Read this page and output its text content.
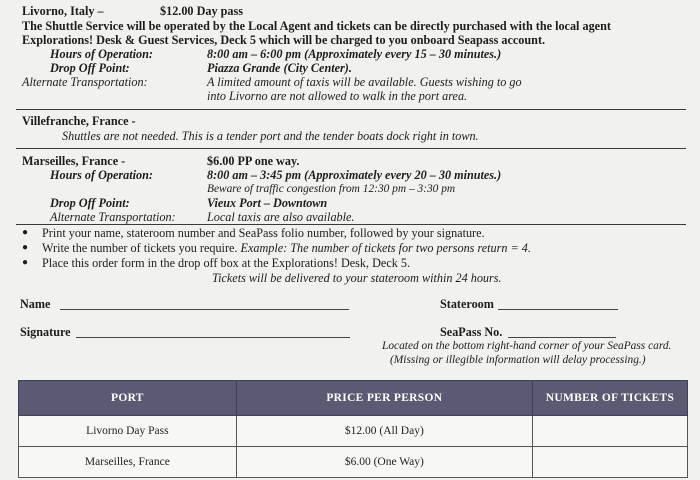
Livorno, Italy –	$12.00 Day pass
The Shuttle Service will be operated by the Local Agent and tickets can be directly purchased with the local agent
Explorations! Desk & Guest Services, Deck 5 which will be charged to you onboard Seapass account.
Hours of Operation:	8:00 am – 6:00 pm (Approximately every 15 – 30 minutes.)
Drop Off Point:	Piazza Grande (City Center).
Alternate Transportation:	A limited amount of taxis will be available. Guests wishing to go
into Livorno are not allowed to walk in the port area.
Villefranche, France -
Shuttles are not needed. This is a tender port and the tender boats dock right in town.
Marseilles, France -	$6.00 PP one way.
Hours of Operation:	8:00 am – 3:45 pm (Approximately every 20 – 30 minutes.)
Beware of traffic congestion from 12:30 pm – 3:30 pm
Drop Off Point:	Vieux Port – Downtown
Alternate Transportation:	Local taxis are also available.
● Print your name, stateroom number and SeaPass folio number, followed by your signature.
● Write the number of tickets you require. Example: The number of tickets for two persons return = 4.
● Place this order form in the drop off box at the Explorations! Desk, Deck 5.
Tickets will be delivered to your stateroom within 24 hours.
Name	Stateroom
Signature	SeaPass No.
Located on the bottom right-hand corner of your SeaPass card.
(Missing or illegible information will delay processing.)
PORT	PRICE PER PERSON	NUMBER OF TICKETS
Livorno Day Pass	$12.00 (All Day)	
Marseilles, France	$6.00 (One Way)	
